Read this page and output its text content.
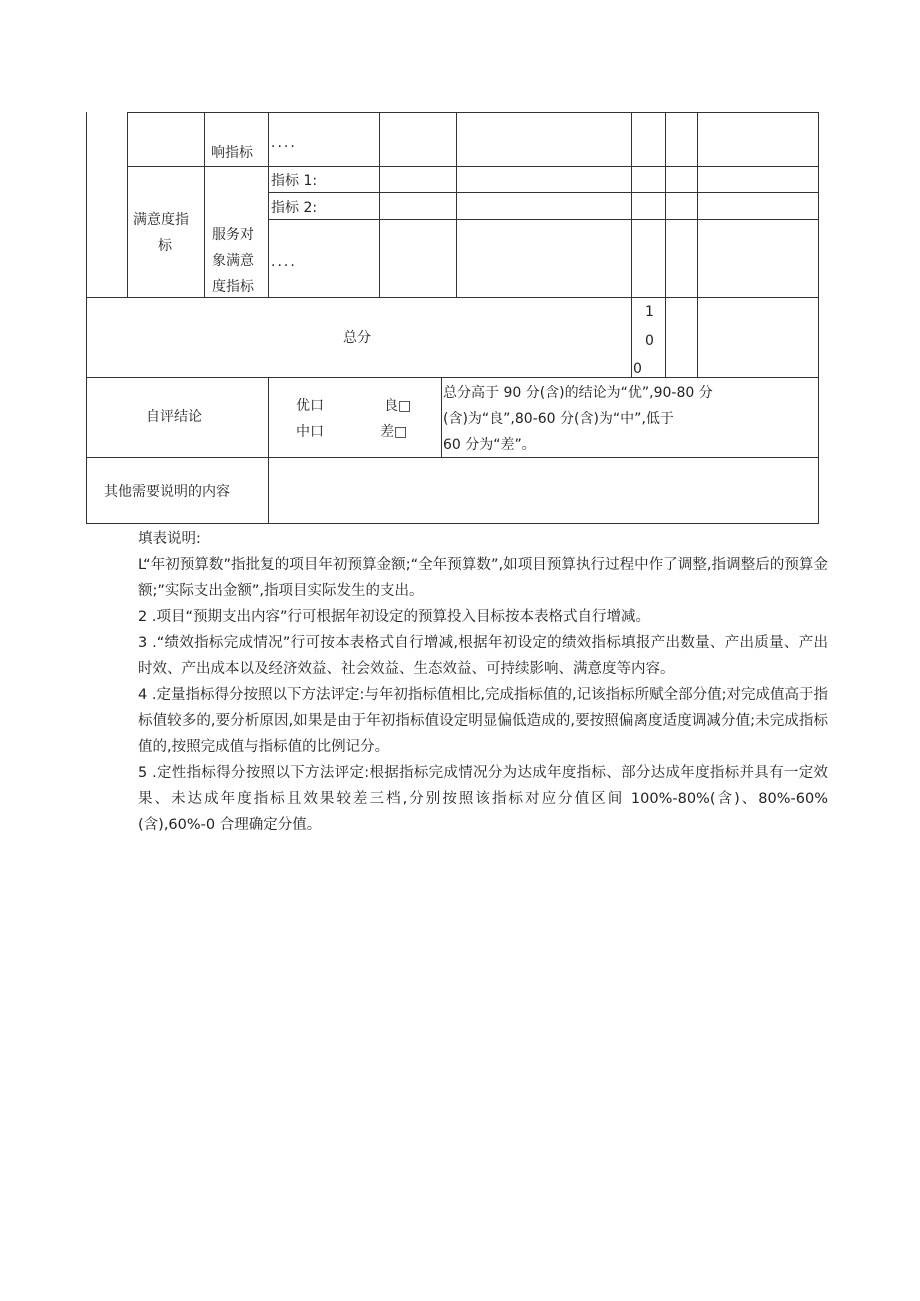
响指标
....
满意度指
标
服务对
象满意
度指标
指标 1:
指标 2:
....
总分
1
0
0
自评结论
优口	良□
中口	差□
总分高于 90 分(含)的结论为“优”,90-80 分
(含)为“良”,80-60 分(含)为“中”,低于
60 分为“差”。
其他需要说明的内容

填表说明:

L“年初预算数”指批复的项目年初预算金额;“全年预算数”,如项目预算执行过程中作了调整,指调整后的预算金额;”实际支出金额”,指项目实际发生的支出。

2 .项目“预期支出内容”行可根据年初设定的预算投入目标按本表格式自行增减。

3 .“绩效指标完成情况”行可按本表格式自行增减,根据年初设定的绩效指标填报产出数量、产出质量、产出时效、产出成本以及经济效益、社会效益、生态效益、可持续影响、满意度等内容。

4 .定量指标得分按照以下方法评定:与年初指标值相比,完成指标值的,记该指标所赋全部分值;对完成值高于指标值较多的,要分析原因,如果是由于年初指标值设定明显偏低造成的,要按照偏离度适度调减分值;未完成指标值的,按照完成值与指标值的比例记分。

5 .定性指标得分按照以下方法评定:根据指标完成情况分为达成年度指标、部分达成年度指标并具有一定效果、未达成年度指标且效果较差三档,分别按照该指标对应分值区间 100%-80%(含)、80%-60%(含),60%-0 合理确定分值。
